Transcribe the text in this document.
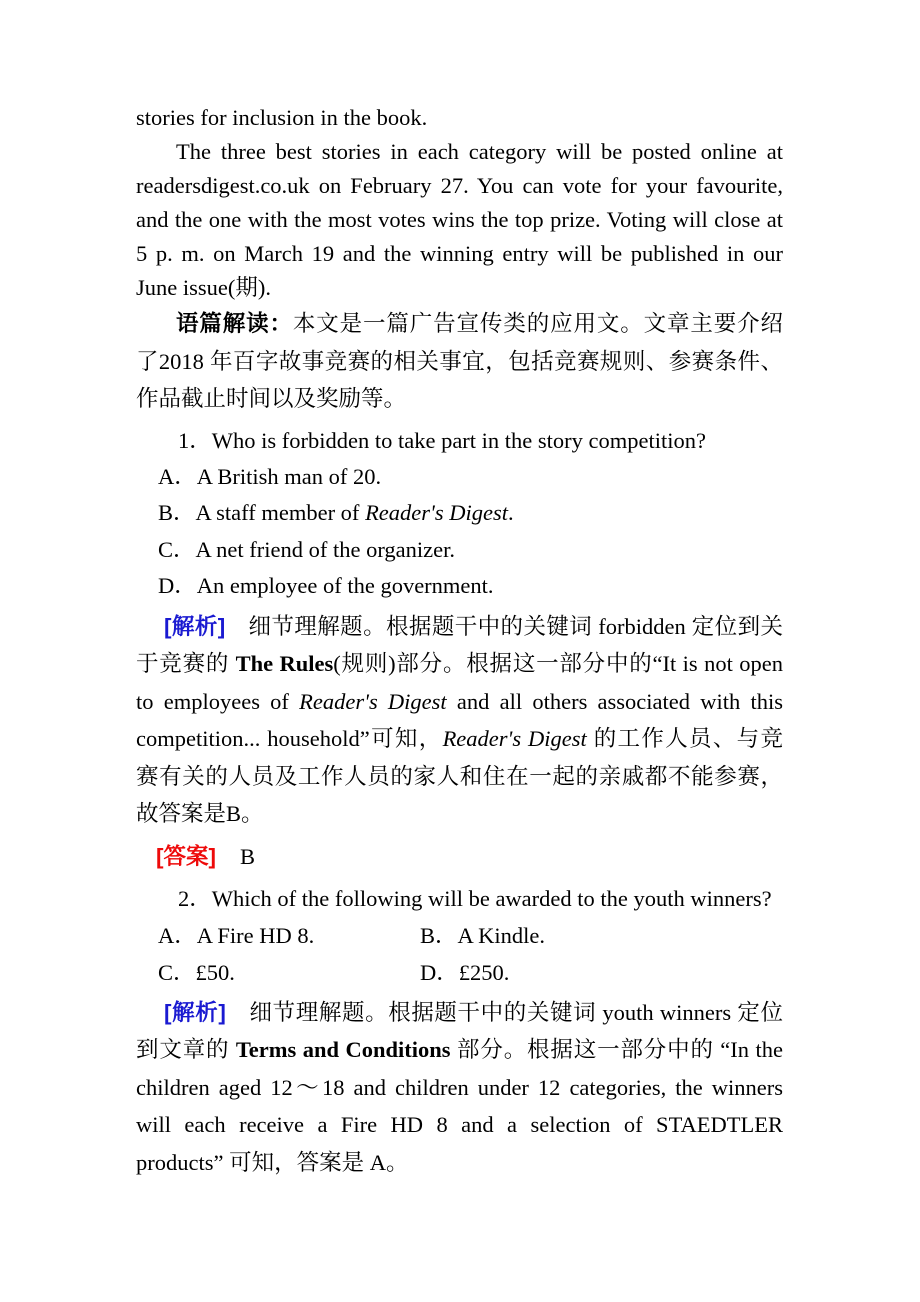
stories for inclusion in the book.

The three best stories in each category will be posted online at readersdigest.co.uk on February 27. You can vote for your favourite, and the one with the most votes wins the top prize. Voting will close at 5 p. m. on March 19 and the winning entry will be published in our June issue(期).

语篇解读：本文是一篇广告宣传类的应用文。文章主要介绍了2018 年百字故事竞赛的相关事宜，包括竞赛规则、参赛条件、作品截止时间以及奖励等。

1．Who is forbidden to take part in the story competition?

A．A British man of 20.

B．A staff member of Reader's Digest.

C．A net friend of the organizer.

D．An employee of the government.

[解析]　细节理解题。根据题干中的关键词 forbidden 定位到关于竞赛的 The Rules(规则)部分。根据这一部分中的“It is not open to employees of Reader's Digest and all others associated with this competition... household”可知，Reader's Digest 的工作人员、与竞赛有关的人员及工作人员的家人和住在一起的亲戚都不能参赛，故答案是B。

[答案] B

2．Which of the following will be awarded to the youth winners?

A．A Fire HD 8.	B．A Kindle.
C．£50.	D．£250.

[解析]　细节理解题。根据题干中的关键词 youth winners 定位到文章的 Terms and Conditions 部分。根据这一部分中的 “In the children aged 12～18 and children under 12 categories, the winners will each receive a Fire HD 8 and a selection of STAEDTLER products” 可知，答案是 A。
